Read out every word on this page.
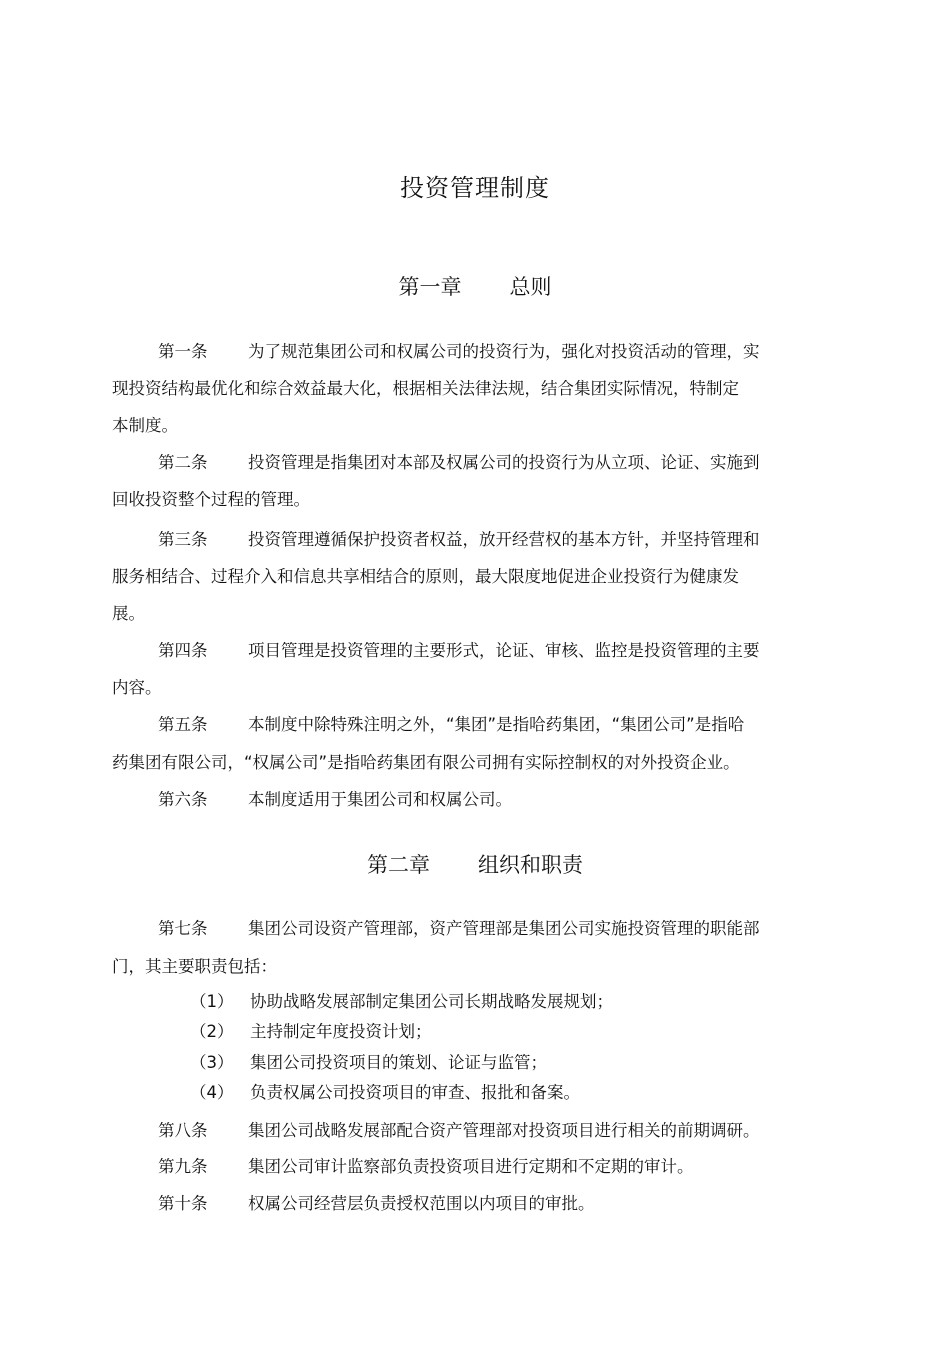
投资管理制度
第一章 总则
第一条 为了规范集团公司和权属公司的投资行为，强化对投资活动的管理，实
现投资结构最优化和综合效益最大化，根据相关法律法规，结合集团实际情况，特制定
本制度。
第二条 投资管理是指集团对本部及权属公司的投资行为从立项、论证、实施到
回收投资整个过程的管理。
第三条 投资管理遵循保护投资者权益，放开经营权的基本方针，并坚持管理和
服务相结合、过程介入和信息共享相结合的原则，最大限度地促进企业投资行为健康发
展。
第四条 项目管理是投资管理的主要形式，论证、审核、监控是投资管理的主要
内容。
第五条 本制度中除特殊注明之外，“集团”是指哈药集团，“集团公司”是指哈
药集团有限公司，“权属公司”是指哈药集团有限公司拥有实际控制权的对外投资企业。
第六条 本制度适用于集团公司和权属公司。
第二章 组织和职责
第七条 集团公司设资产管理部，资产管理部是集团公司实施投资管理的职能部
门，其主要职责包括：
（1） 协助战略发展部制定集团公司长期战略发展规划；
（2） 主持制定年度投资计划；
（3） 集团公司投资项目的策划、论证与监管；
（4） 负责权属公司投资项目的审查、报批和备案。
第八条 集团公司战略发展部配合资产管理部对投资项目进行相关的前期调研。
第九条 集团公司审计监察部负责投资项目进行定期和不定期的审计。
第十条 权属公司经营层负责授权范围以内项目的审批。
